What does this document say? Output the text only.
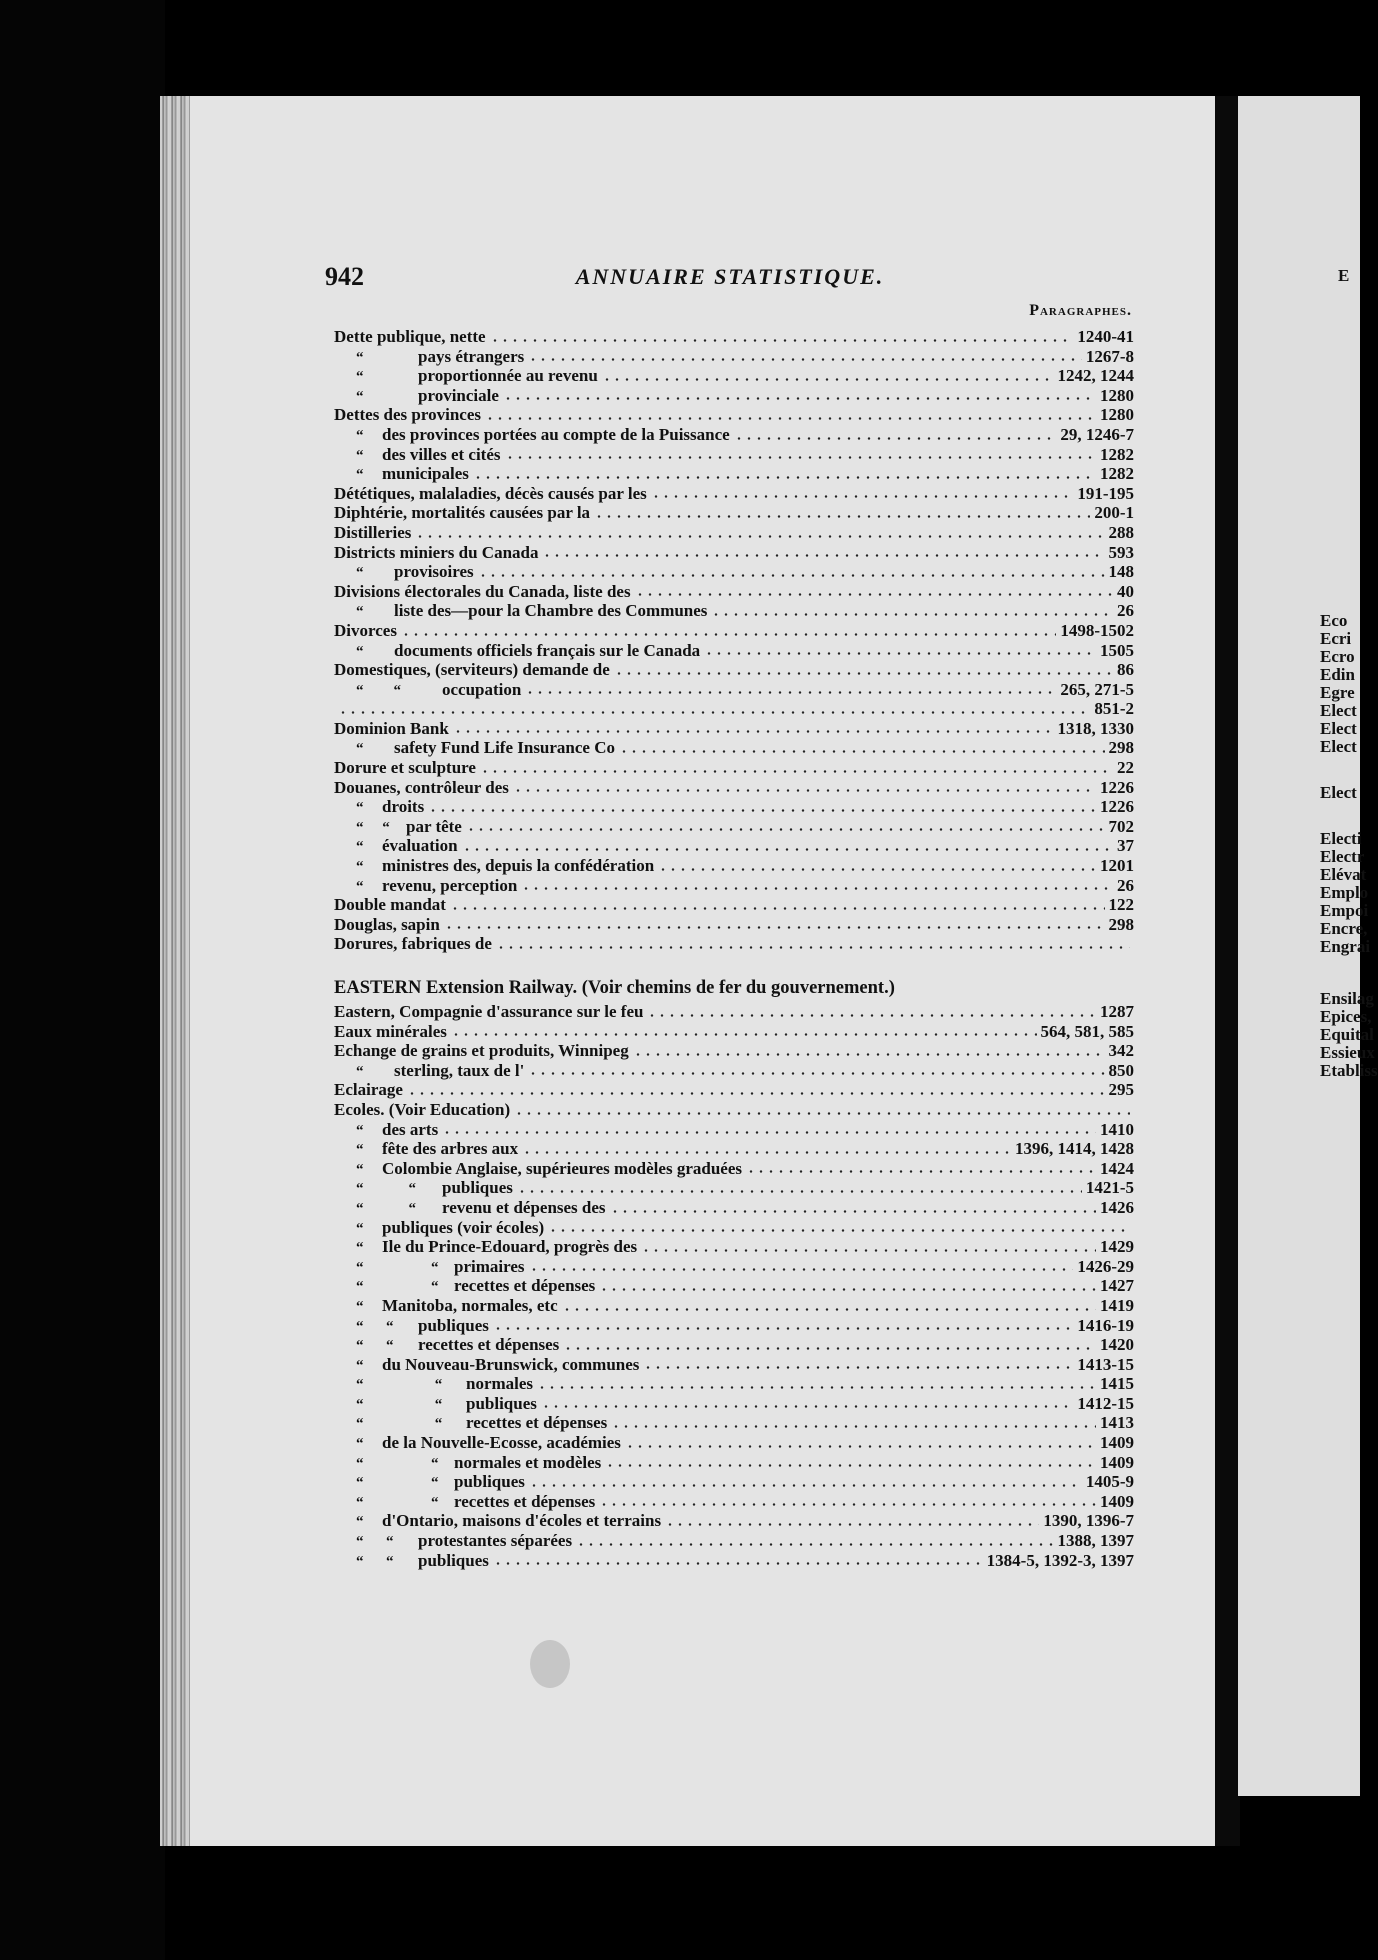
E
Eco
Ecri
Ecro
Edin
Egre
Elect
Elect
Elect
Elect
Electi
Electr
Elévat
Emplo
Empoi
Encre,
Engrai
Ensilag
Epices,
Equital
Essieux
Etabliss
942	ANNUAIRE STATISTIQUE.
Paragraphes.
Dette publique, nette	1240-41
“	pays étrangers	1267-8
“	proportionnée au revenu	1242, 1244
“	provinciale	1280
Dettes des provinces	1280
“	des provinces portées au compte de la Puissance	29, 1246-7
“	des villes et cités	1282
“	municipales	1282
Dététiques, malaladies, décès causés par les	191-195
Diphtérie, mortalités causées par la	200-1
Distilleries	288
Districts miniers du Canada	593
“	provisoires	148
Divisions électorales du Canada, liste des	40
“	liste des—pour la Chambre des Communes	26
Divorces	1498-1502
“	documents officiels français sur le Canada	1505
Domestiques, (serviteurs) demande de	86
“        “	occupation	265, 271-5
851-2
Dominion Bank	1318, 1330
“	safety Fund Life Insurance Co	298
Dorure et sculpture	22
Douanes, contrôleur des	1226
“	droits	1226
“     “ par tête	702
“	évaluation	37
“	ministres des, depuis la confédération	1201
“	revenu, perception	26
Double mandat	122
Douglas, sapin	298
Dorures, fabriques de
EASTERN Extension Railway. (Voir chemins de fer du gouvernement.)
Eastern, Compagnie d'assurance sur le feu	1287
Eaux minérales	564, 581, 585
Echange de grains et produits, Winnipeg	342
“	sterling, taux de l'	850
Eclairage	295
Ecoles. (Voir Education)
“	des arts	1410
“	fête des arbres aux	1396, 1414, 1428
“	Colombie Anglaise, supérieures modèles graduées	1424
“            “	publiques	1421-5
“            “	revenu et dépenses des	1426
“	publiques (voir écoles)
“	Ile du Prince-Edouard, progrès des	1429
“                  “ primaires	1426-29
“                  “ recettes et dépenses	1427
“	Manitoba, normales, etc	1419
“      “	publiques	1416-19
“      “	recettes et dépenses	1420
“	du Nouveau-Brunswick, communes	1413-15
“                   “	normales	1415
“                   “	publiques	1412-15
“                   “	recettes et dépenses	1413
“	de la Nouvelle-Ecosse, académies	1409
“                  “ normales et modèles	1409
“                  “ publiques	1405-9
“                  “ recettes et dépenses	1409
“	d'Ontario, maisons d'écoles et terrains	1390, 1396-7
“      “	protestantes séparées	1388, 1397
“      “	publiques	1384-5, 1392-3, 1397
